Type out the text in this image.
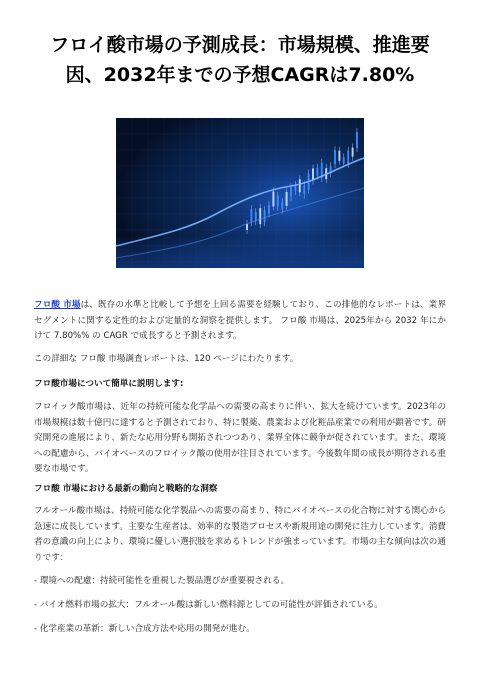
フロイ酸市場の予測成長：市場規模、推進要因、2032年までの予想CAGRは7.80%

フロ酸 市場は、既存の水準と比較して予想を上回る需要を経験しており、この排他的なレポートは、業界セグメントに関する定性的および定量的な洞察を提供します。 フロ酸 市場は、2025年から 2032 年にかけて 7.80%% の CAGR で成長すると予測されます。

この詳細な フロ酸 市場調査レポートは、120 ページにわたります。

フロ酸市場について簡単に説明します:

フロイック酸市場は、近年の持続可能な化学品への需要の高まりに伴い、拡大を続けています。2023年の市場規模は数十億円に達すると予測されており、特に製薬、農業および化粧品産業での利用が顕著です。研究開発の進展により、新たな応用分野も開拓されつつあり、業界全体に競争が促されています。また、環境への配慮から、バイオベースのフロイック酸の使用が注目されています。今後数年間の成長が期待される重要な市場です。

フロ酸 市場における最新の動向と戦略的な洞察

フルオール酸市場は、持続可能な化学製品への需要の高まり、特にバイオベースの化合物に対する関心から急速に成長しています。主要な生産者は、効率的な製造プロセスや新規用途の開発に注力しています。消費者の意識の向上により、環境に優しい選択肢を求めるトレンドが強まっています。市場の主な傾向は次の通りです：

- 環境への配慮：持続可能性を重視した製品選びが重要視される。

- バイオ燃料市場の拡大：フルオール酸は新しい燃料源としての可能性が評価されている。

- 化学産業の革新：新しい合成方法や応用の開発が進む。
